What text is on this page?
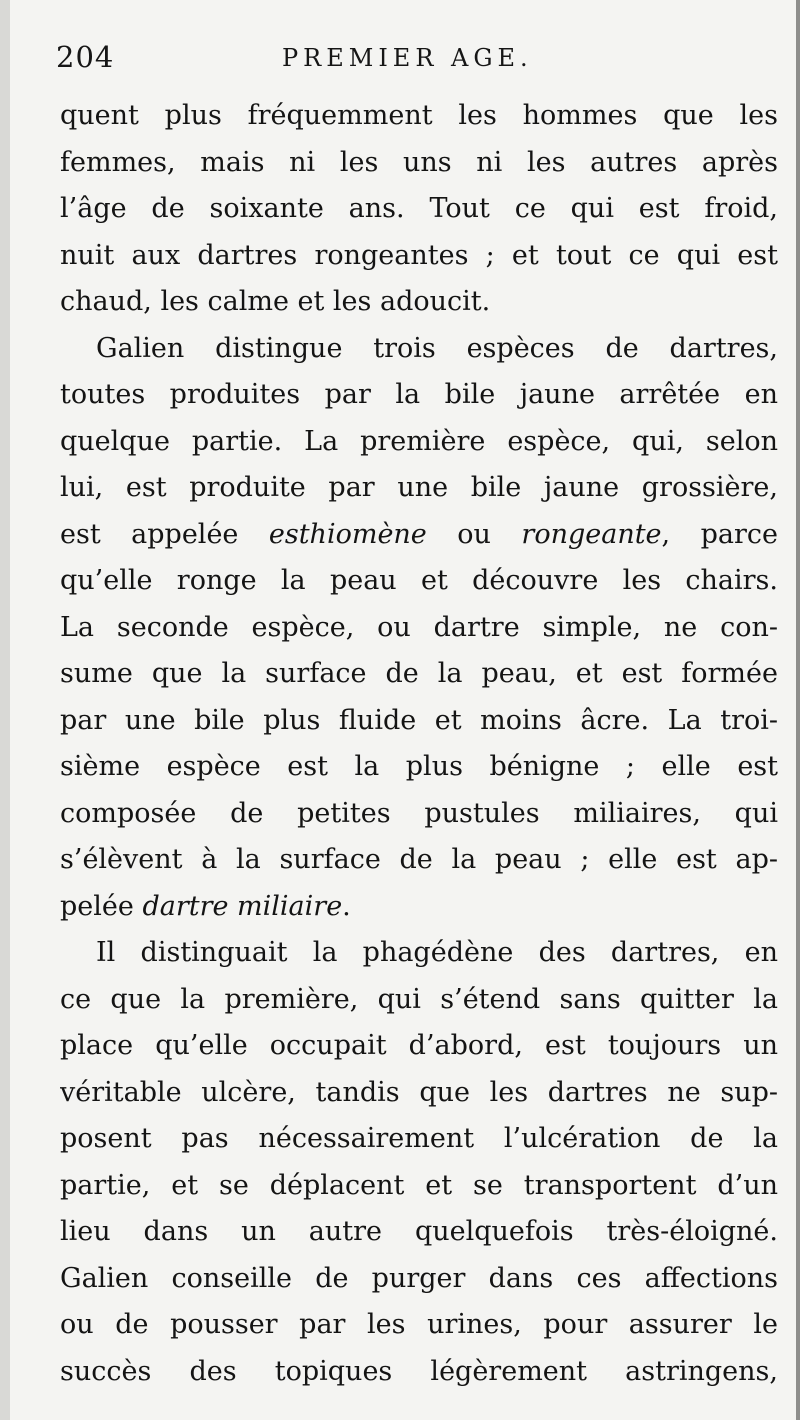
204	PREMIER AGE.
quent plus fréquemment les hommes que les
femmes, mais ni les uns ni les autres après
l’âge de soixante ans. Tout ce qui est froid,
nuit aux dartres rongeantes ; et tout ce qui est
chaud, les calme et les adoucit.
Galien distingue trois espèces de dartres,
toutes produites par la bile jaune arrêtée en
quelque partie. La première espèce, qui, selon
lui, est produite par une bile jaune grossière,
est appelée esthiomène ou rongeante, parce
qu’elle ronge la peau et découvre les chairs.
La seconde espèce, ou dartre simple, ne con-
sume que la surface de la peau, et est formée
par une bile plus fluide et moins âcre. La troi-
sième espèce est la plus bénigne ; elle est
composée de petites pustules miliaires, qui
s’élèvent à la surface de la peau ; elle est ap-
pelée dartre miliaire.
Il distinguait la phagédène des dartres, en
ce que la première, qui s’étend sans quitter la
place qu’elle occupait d’abord, est toujours un
véritable ulcère, tandis que les dartres ne sup-
posent pas nécessairement l’ulcération de la
partie, et se déplacent et se transportent d’un
lieu dans un autre quelquefois très-éloigné.
Galien conseille de purger dans ces affections
ou de pousser par les urines, pour assurer le
succès des topiques légèrement astringens,
